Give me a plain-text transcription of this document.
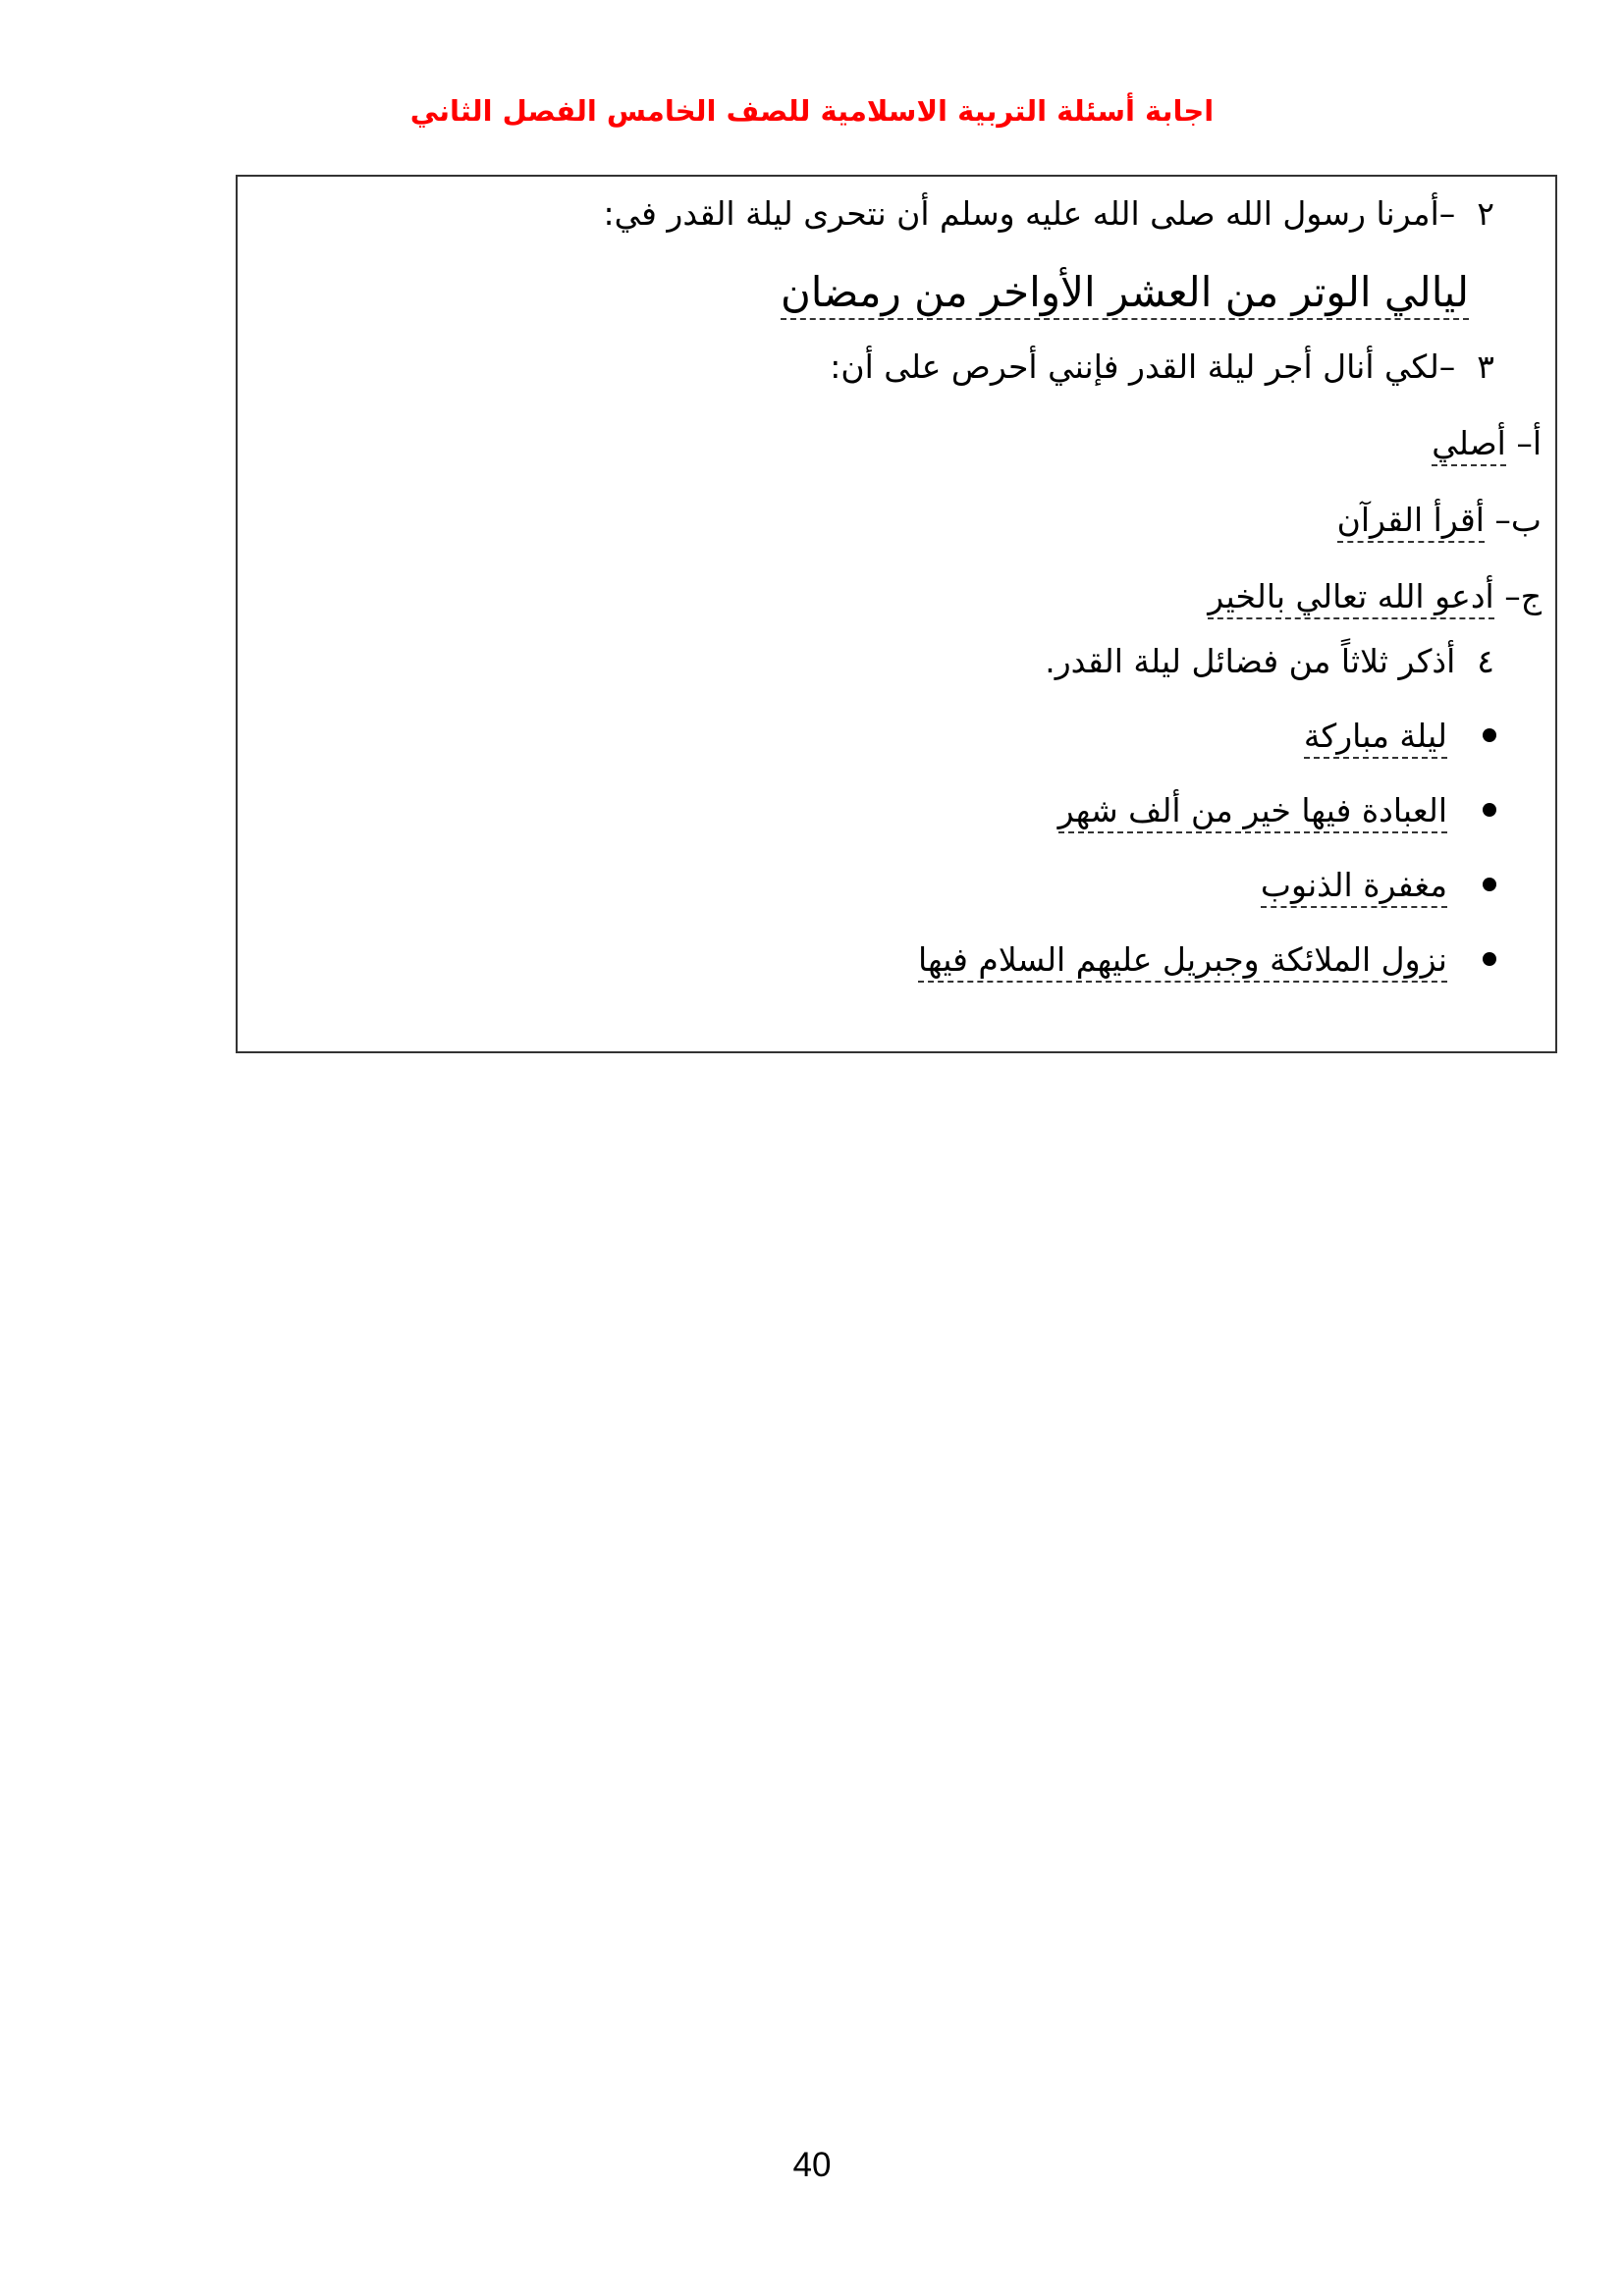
اجابة أسئلة التربية الاسلامية للصف الخامس الفصل الثاني
٢–أمرنا رسول الله صلى الله عليه وسلم أن نتحرى ليلة القدر في:
ليالي الوتر من العشر الأواخر من رمضان
٣–لكي أنال أجر ليلة القدر فإنني أحرص على أن:
أ– أصلي
ب– أقرأ القرآن
ج– أدعو الله تعالي بالخير
٤أذكر ثلاثاً من فضائل ليلة القدر.
ليلة مباركة
العبادة فيها خير من ألف شهر
مغفرة الذنوب
نزول الملائكة وجبريل عليهم السلام فيها
40
